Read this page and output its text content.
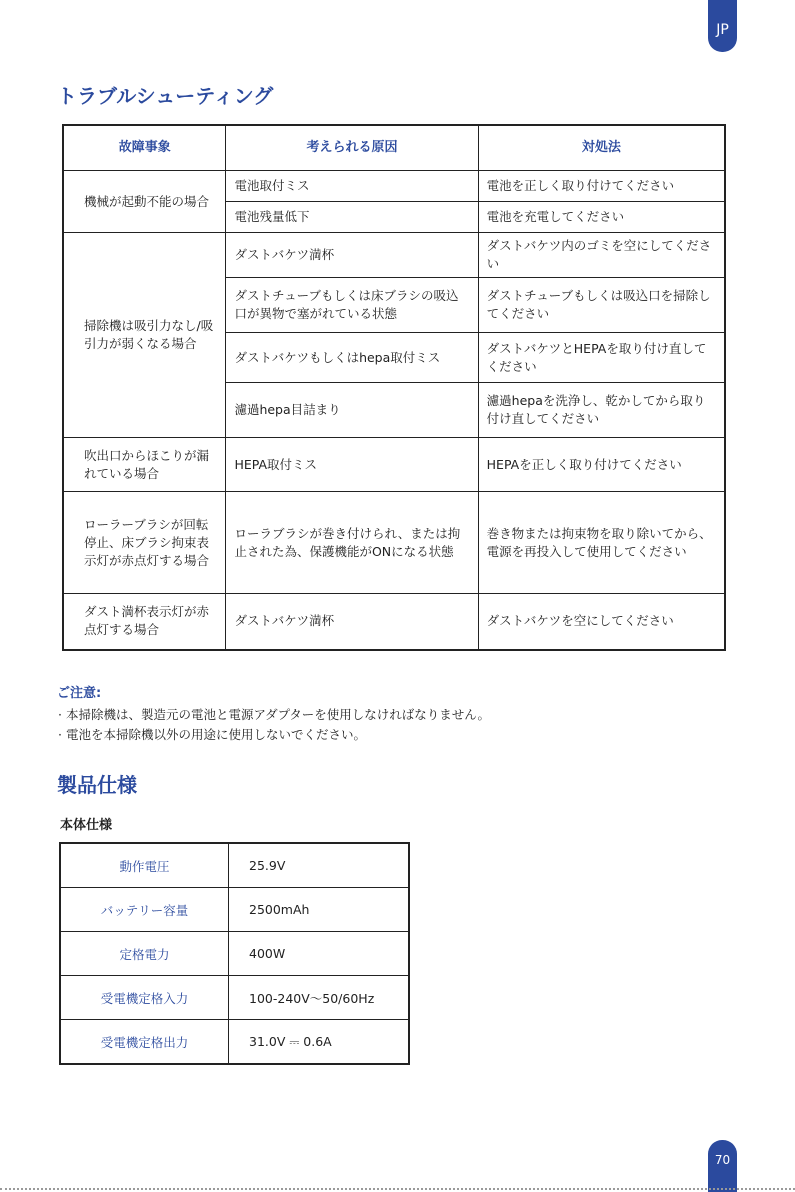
JP
トラブルシューティング
故障事象	考えられる原因	対処法
機械が起動不能の場合	電池取付ミス	電池を正しく取り付けてください
	電池残量低下	電池を充電してください
掃除機は吸引力なし/吸引力が弱くなる場合	ダストバケツ満杯	ダストバケツ内のゴミを空にしてください
	ダストチューブもしくは床ブラシの吸込口が異物で塞がれている状態	ダストチューブもしくは吸込口を掃除してください
	ダストバケツもしくはhepa取付ミス	ダストバケツとHEPAを取り付け直してください
	濾過hepa目詰まり	濾過hepaを洗浄し、乾かしてから取り付け直してください
吹出口からほこりが漏れている場合	HEPA取付ミス	HEPAを正しく取り付けてください
ローラーブラシが回転停止、床ブラシ拘束表示灯が赤点灯する場合	ローラブラシが巻き付けられ、または拘止された為、保護機能がONになる状態	巻き物または拘束物を取り除いてから、電源を再投入して使用してください
ダスト満杯表示灯が赤点灯する場合	ダストバケツ満杯	ダストバケツを空にしてください
ご注意:
· 本掃除機は、製造元の電池と電源アダプターを使用しなければなりません。
· 電池を本掃除機以外の用途に使用しないでください。
製品仕様
本体仕様
動作電圧	25.9V
バッテリー容量	2500mAh
定格電力	400W
受電機定格入力	100-240V〜50/60Hz
受電機定格出力	31.0V ⎓ 0.6A
70
